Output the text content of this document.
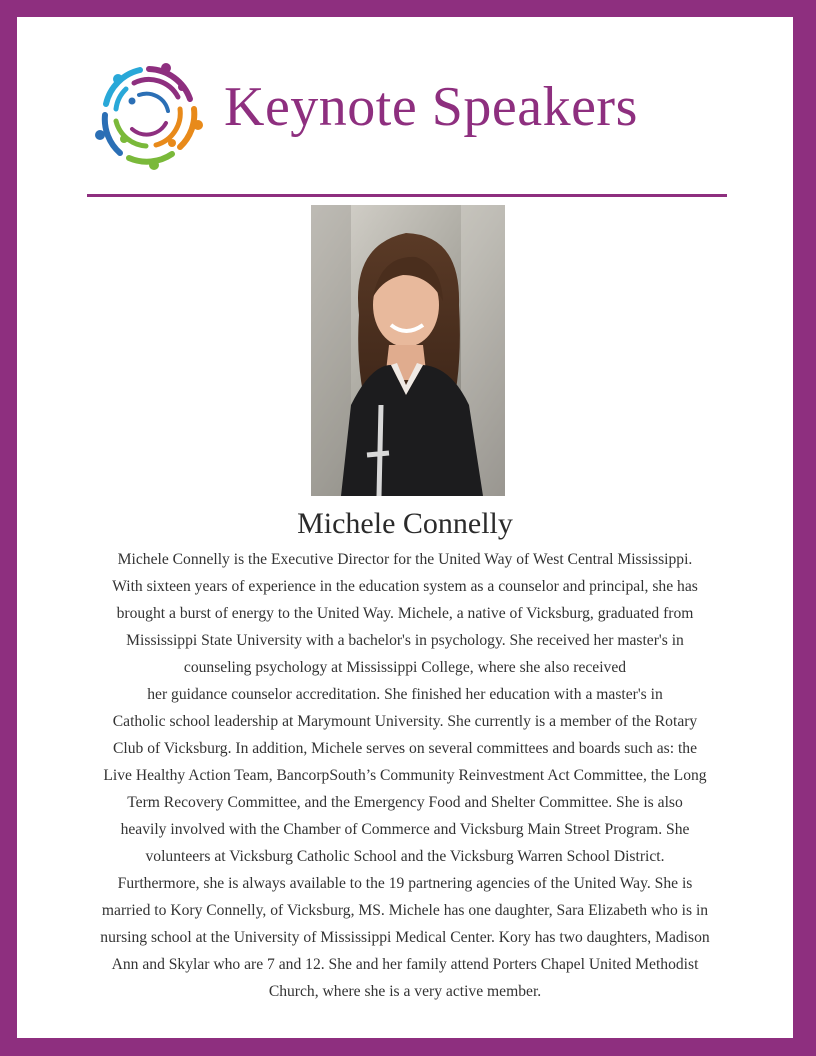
Keynote Speakers
Michele Connelly
Michele Connelly is the Executive Director for the United Way of West Central Mississippi.
With sixteen years of experience in the education system as a counselor and principal, she has
brought a burst of energy to the United Way. Michele, a native of Vicksburg, graduated from
Mississippi State University with a bachelor's in psychology. She received her master's in
counseling psychology at Mississippi College, where she also received
her guidance counselor accreditation. She finished her education with a master's in
Catholic school leadership at Marymount University. She currently is a member of the Rotary
Club of Vicksburg. In addition, Michele serves on several committees and boards such as: the
Live Healthy Action Team, BancorpSouth’s Community Reinvestment Act Committee, the Long
Term Recovery Committee, and the Emergency Food and Shelter Committee. She is also
heavily involved with the Chamber of Commerce and Vicksburg Main Street Program. She
volunteers at Vicksburg Catholic School and the Vicksburg Warren School District.
Furthermore, she is always available to the 19 partnering agencies of the United Way. She is
married to Kory Connelly, of Vicksburg, MS. Michele has one daughter, Sara Elizabeth who is in
nursing school at the University of Mississippi Medical Center. Kory has two daughters, Madison
Ann and Skylar who are 7 and 12. She and her family attend Porters Chapel United Methodist
Church, where she is a very active member.
